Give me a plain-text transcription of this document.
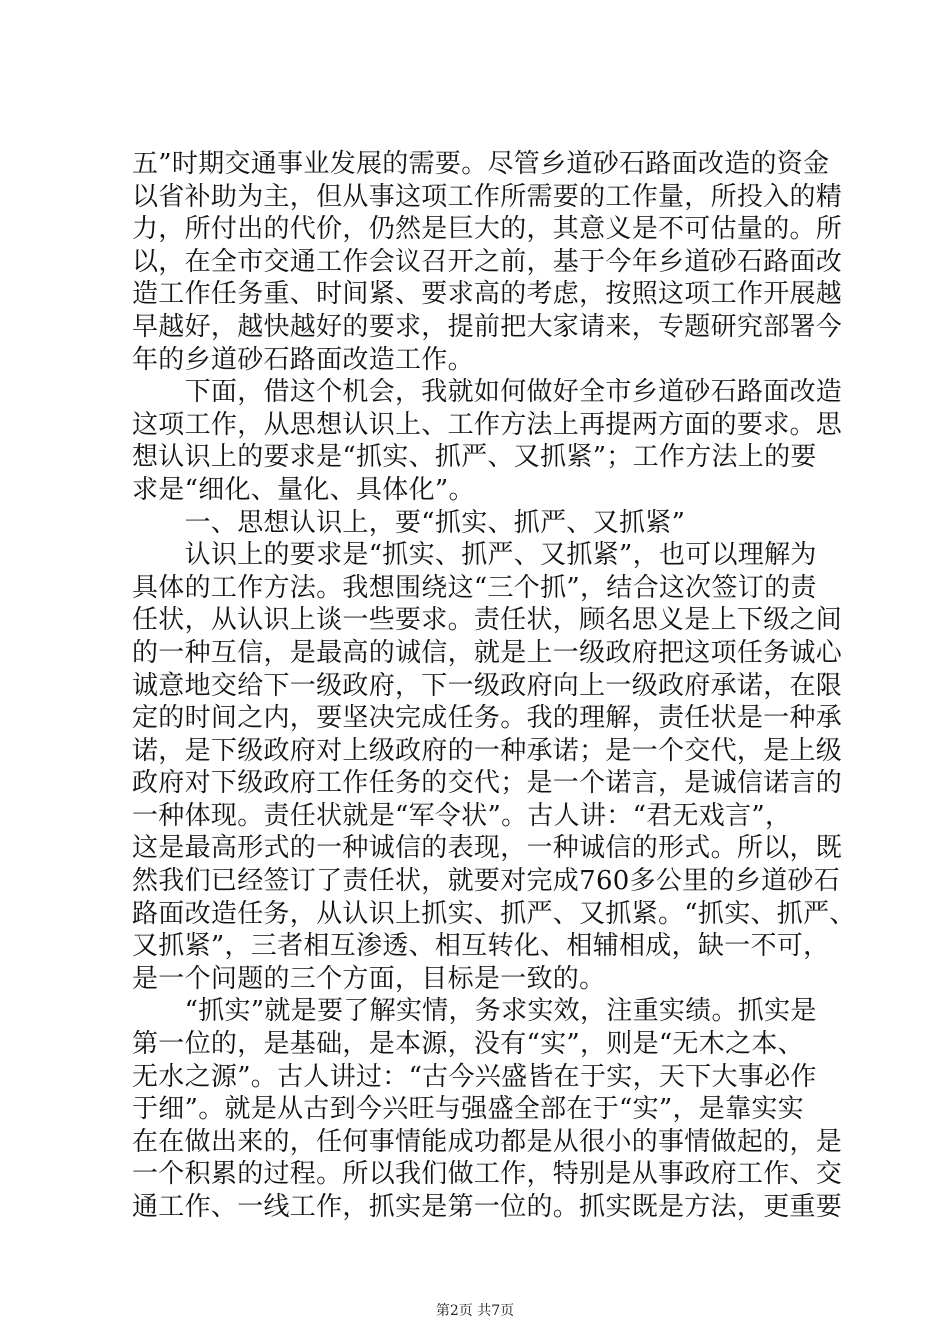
五”时期交通事业发展的需要。尽管乡道砂石路面改造的资金
以省补助为主，但从事这项工作所需要的工作量，所投入的精
力，所付出的代价，仍然是巨大的，其意义是不可估量的。所
以，在全市交通工作会议召开之前，基于今年乡道砂石路面改
造工作任务重、时间紧、要求高的考虑，按照这项工作开展越
早越好，越快越好的要求，提前把大家请来，专题研究部署今
年的乡道砂石路面改造工作。
　　下面，借这个机会，我就如何做好全市乡道砂石路面改造
这项工作，从思想认识上、工作方法上再提两方面的要求。思
想认识上的要求是“抓实、抓严、又抓紧”；工作方法上的要
求是“细化、量化、具体化”。
　　一、思想认识上，要“抓实、抓严、又抓紧”
　　认识上的要求是“抓实、抓严、又抓紧”，也可以理解为
具体的工作方法。我想围绕这“三个抓”，结合这次签订的责
任状，从认识上谈一些要求。责任状，顾名思义是上下级之间
的一种互信，是最高的诚信，就是上一级政府把这项任务诚心
诚意地交给下一级政府，下一级政府向上一级政府承诺，在限
定的时间之内，要坚决完成任务。我的理解，责任状是一种承
诺，是下级政府对上级政府的一种承诺；是一个交代，是上级
政府对下级政府工作任务的交代；是一个诺言，是诚信诺言的
一种体现。责任状就是“军令状”。古人讲：“君无戏言”，
这是最高形式的一种诚信的表现，一种诚信的形式。所以，既
然我们已经签订了责任状，就要对完成760多公里的乡道砂石
路面改造任务，从认识上抓实、抓严、又抓紧。“抓实、抓严、
又抓紧”，三者相互渗透、相互转化、相辅相成，缺一不可，
是一个问题的三个方面，目标是一致的。
　　“抓实”就是要了解实情，务求实效，注重实绩。抓实是
第一位的，是基础，是本源，没有“实”，则是“无木之本、
无水之源”。古人讲过：“古今兴盛皆在于实，天下大事必作
于细”。就是从古到今兴旺与强盛全部在于“实”，是靠实实
在在做出来的，任何事情能成功都是从很小的事情做起的，是
一个积累的过程。所以我们做工作，特别是从事政府工作、交
通工作、一线工作，抓实是第一位的。抓实既是方法，更重要
第2页 共7页
